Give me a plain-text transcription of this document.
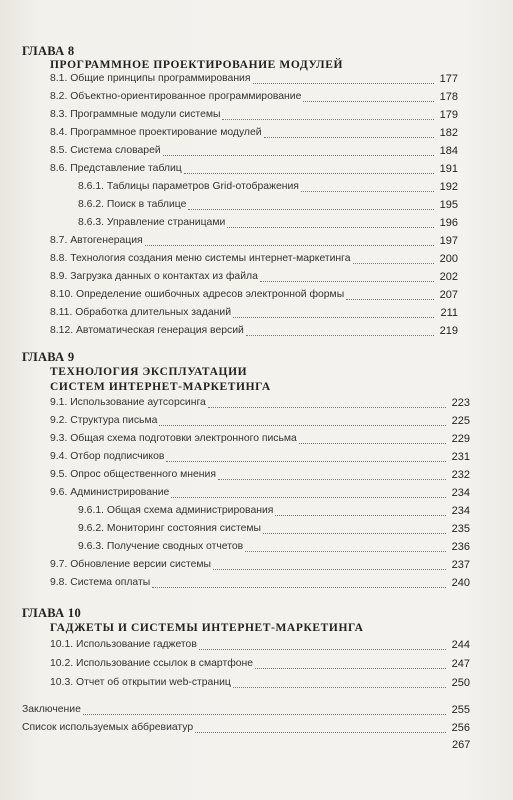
ГЛАВА 8
ПРОГРАММНОЕ ПРОЕКТИРОВАНИЕ МОДУЛЕЙ
8.1. Общие принципы программирования	177
8.2. Объектно-ориентированное программирование	178
8.3. Программные модули системы	179
8.4. Программное проектирование модулей	182
8.5. Система словарей	184
8.6. Представление таблиц	191
8.6.1. Таблицы параметров Grid-отображения	192
8.6.2. Поиск в таблице	195
8.6.3. Управление страницами	196
8.7. Автогенерация	197
8.8. Технология создания меню системы интернет-маркетинга	200
8.9. Загрузка данных о контактах из файла	202
8.10. Определение ошибочных адресов электронной формы	207
8.11. Обработка длительных заданий	211
8.12. Автоматическая генерация версий	219
ГЛАВА 9
ТЕХНОЛОГИЯ ЭКСПЛУАТАЦИИ
СИСТЕМ ИНТЕРНЕТ-МАРКЕТИНГА
9.1. Использование аутсорсинга	223
9.2. Структура письма	225
9.3. Общая схема подготовки электронного письма	229
9.4. Отбор подписчиков	231
9.5. Опрос общественного мнения	232
9.6. Администрирование	234
9.6.1. Общая схема администрирования	234
9.6.2. Мониторинг состояния системы	235
9.6.3. Получение сводных отчетов	236
9.7. Обновление версии системы	237
9.8. Система оплаты	240
ГЛАВА 10
ГАДЖЕТЫ И СИСТЕМЫ ИНТЕРНЕТ-МАРКЕТИНГА
10.1. Использование гаджетов	244
10.2. Использование ссылок в смартфоне	247
10.3. Отчет об открытии web-страниц	250
Заключение	255
Список используемых аббревиатур	256
267
